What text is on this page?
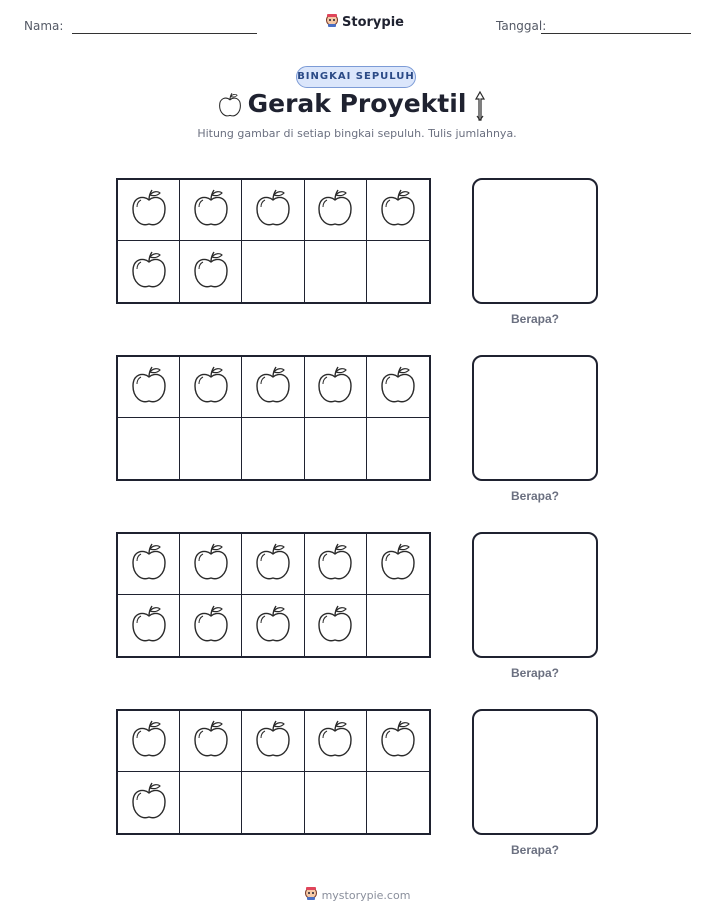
Nama:	Storypie	Tanggal:
BINGKAI SEPULUH
Gerak Proyektil
Hitung gambar di setiap bingkai sepuluh. Tulis jumlahnya.
Berapa?
Berapa?
Berapa?
Berapa?
mystorypie.com
